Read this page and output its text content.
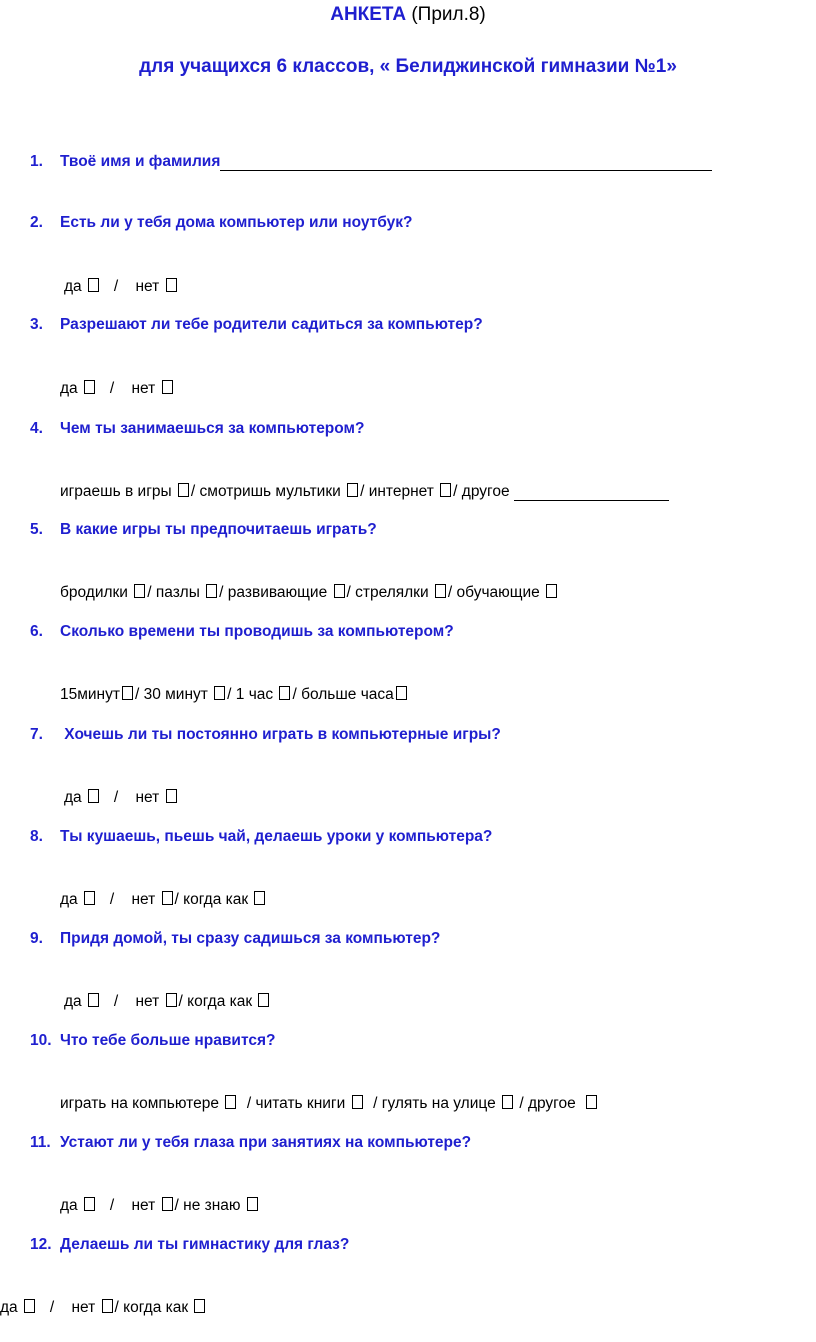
АНКЕТА (Прил.8)
для учащихся 6 классов, « Белиджинской гимназии №1»
1. Твоё имя и фамилия
2. Есть ли у тебя дома компьютер или ноутбук?
да / нет
3. Разрешают ли тебе родители садиться за компьютер?
да / нет
4. Чем ты занимаешься за компьютером?
играешь в игры / смотришь мультики / интернет / другое
5. В какие игры ты предпочитаешь играть?
бродилки / пазлы / развивающие / стрелялки / обучающие
6. Сколько времени ты проводишь за компьютером?
15минут / 30 минут / 1 час / больше часа
7. Хочешь ли ты постоянно играть в компьютерные игры?
да / нет
8. Ты кушаешь, пьешь чай, делаешь уроки у компьютера?
да / нет / когда как
9. Придя домой, ты сразу садишься за компьютер?
да / нет / когда как
10. Что тебе больше нравится?
играть на компьютере / читать книги / гулять на улице / другое
11. Устают ли у тебя глаза при занятиях на компьютере?
да / нет / не знаю
12. Делаешь ли ты гимнастику для глаз?
да / нет / когда как
